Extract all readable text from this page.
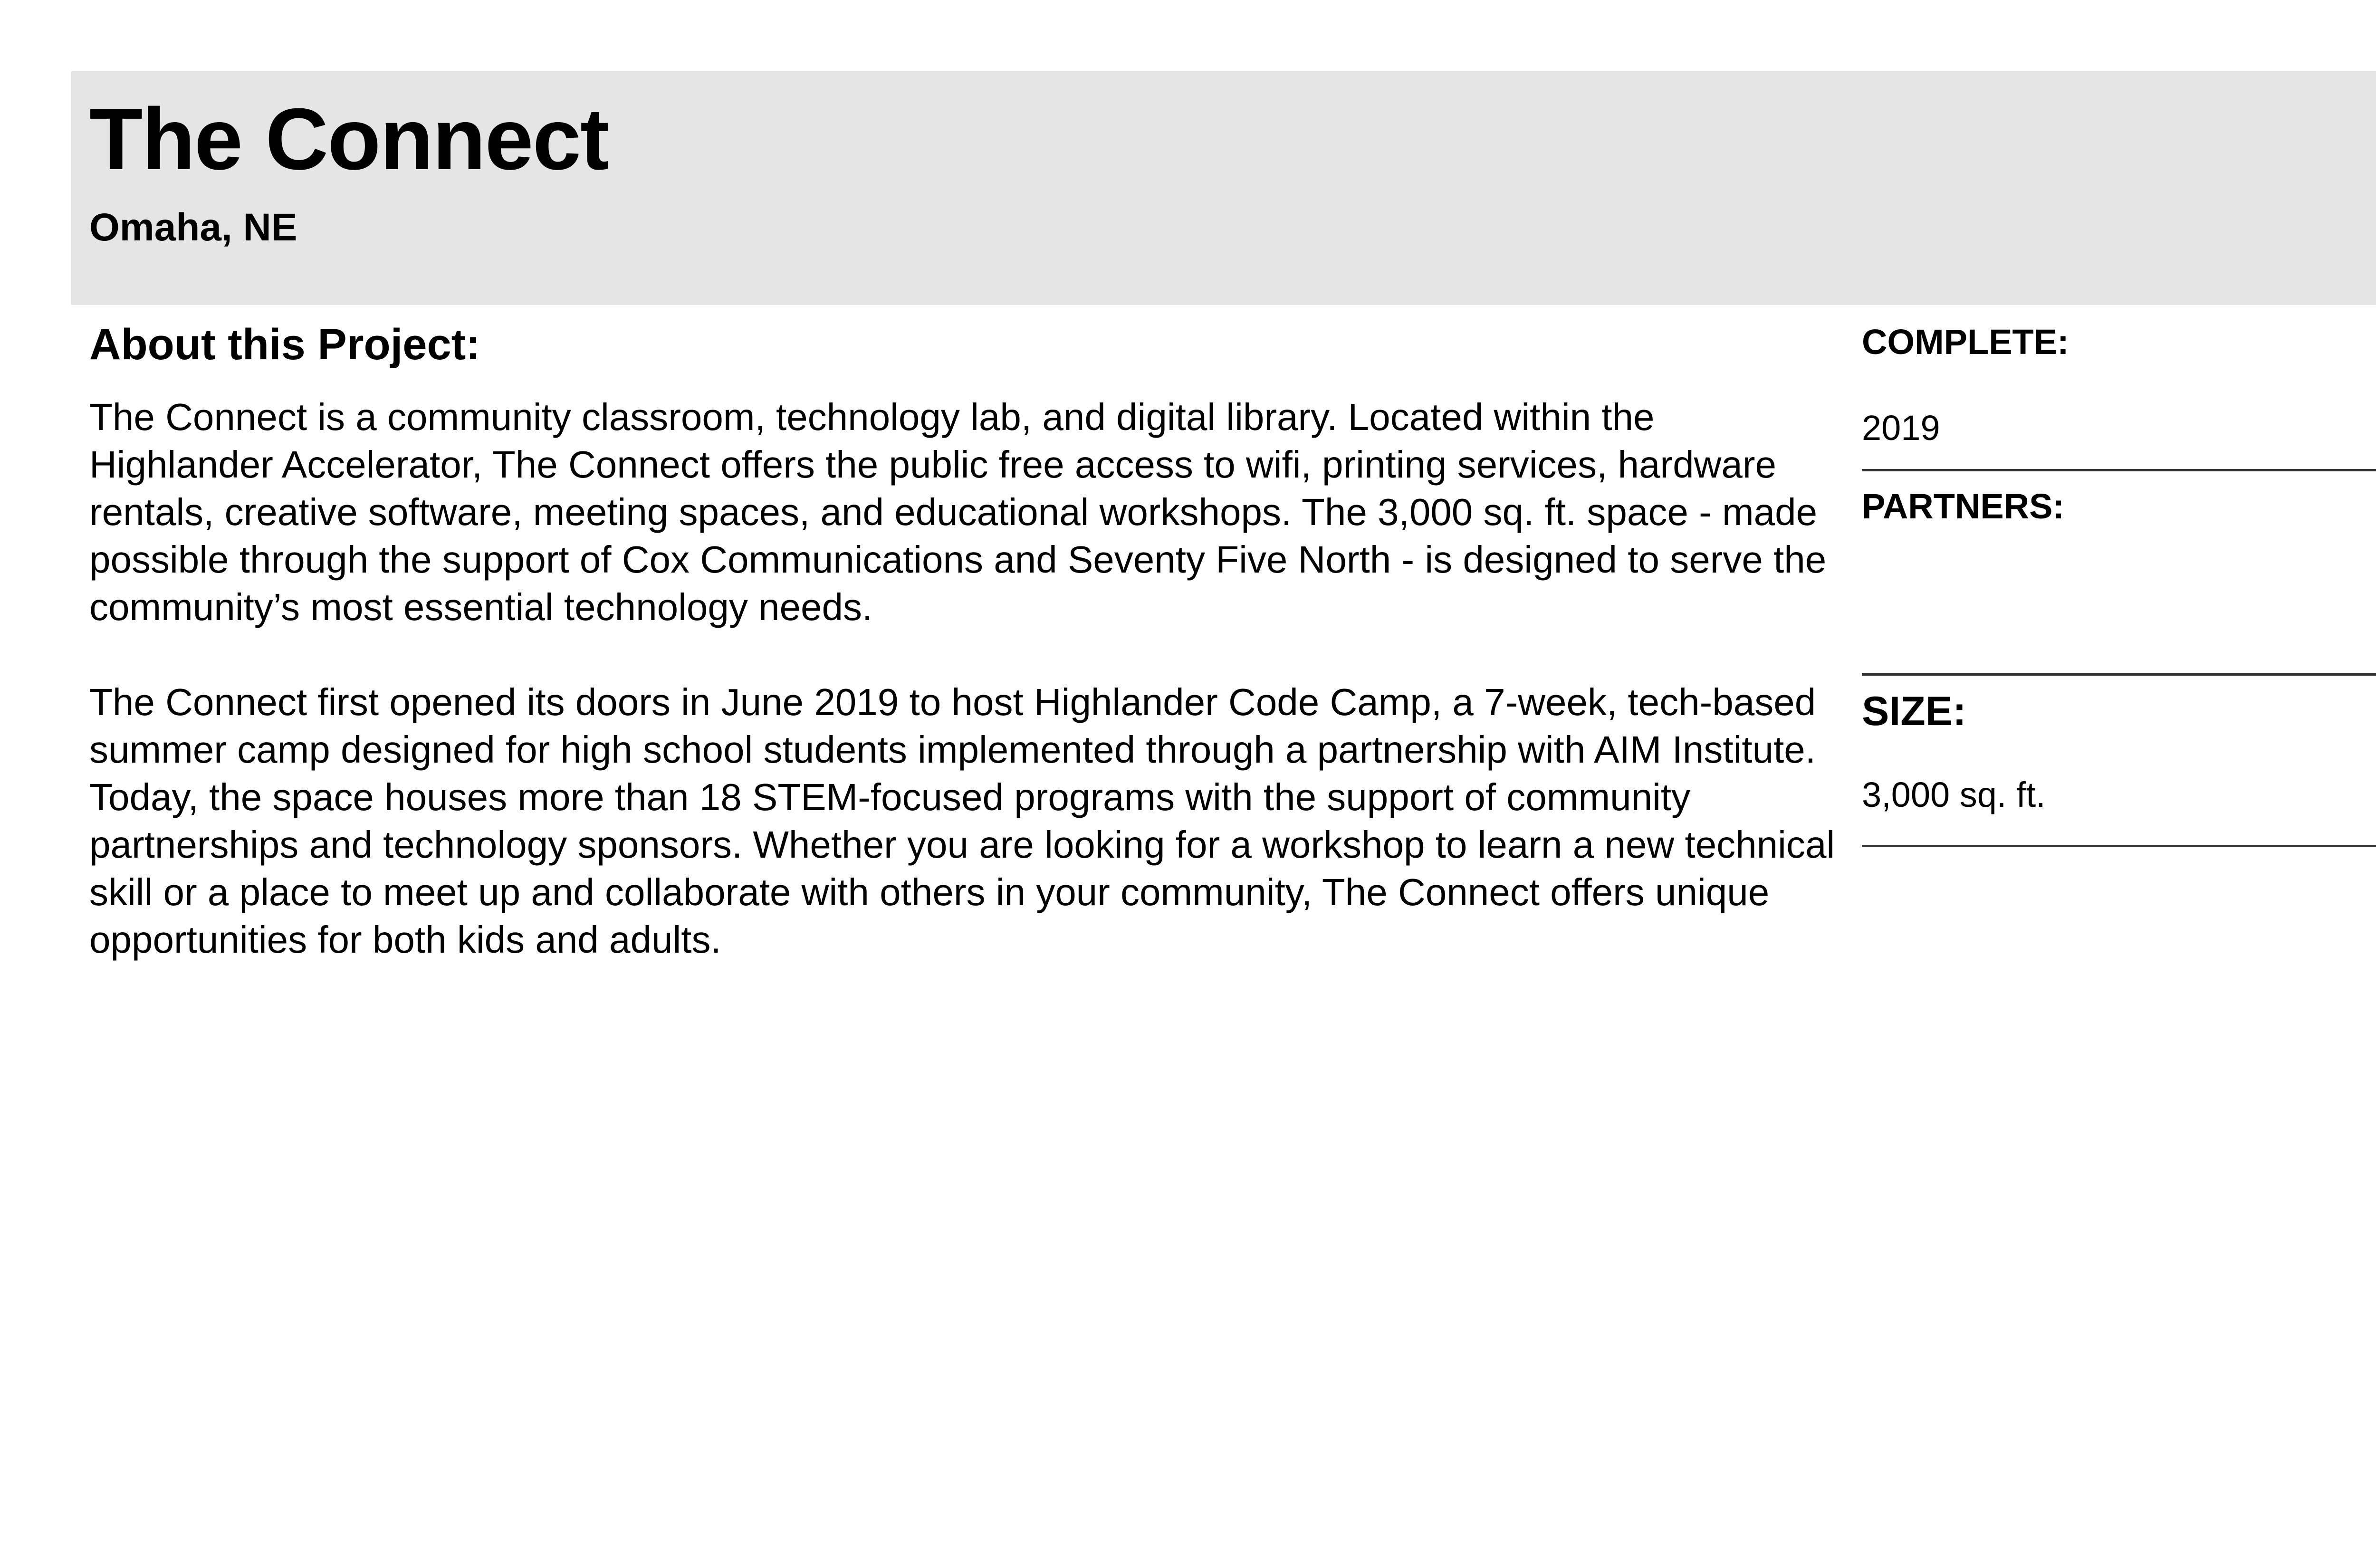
The Connect
Omaha, NE
About this Project:

The Connect is a community classroom, technology lab, and digital library. Located within the Highlander Accelerator, The Connect offers the public free access to wifi, printing services, hardware rentals, creative software, meeting spaces, and educational workshops. The 3,000 sq. ft. space - made possible through the support of Cox Communications and Seventy Five North - is designed to serve the community’s most essential technology needs.

The Connect first opened its doors in June 2019 to host Highlander Code Camp, a 7-week, tech-based summer camp designed for high school students implemented through a partnership with AIM Institute. Today, the space houses more than 18 STEM-focused programs with the support of community partnerships and technology sponsors. Whether you are looking for a workshop to learn a new technical skill or a place to meet up and collaborate with others in your community, The Connect offers unique opportunities for both kids and adults.

COMPLETE:
2019
PARTNERS:
SIZE:
3,000 sq. ft.
